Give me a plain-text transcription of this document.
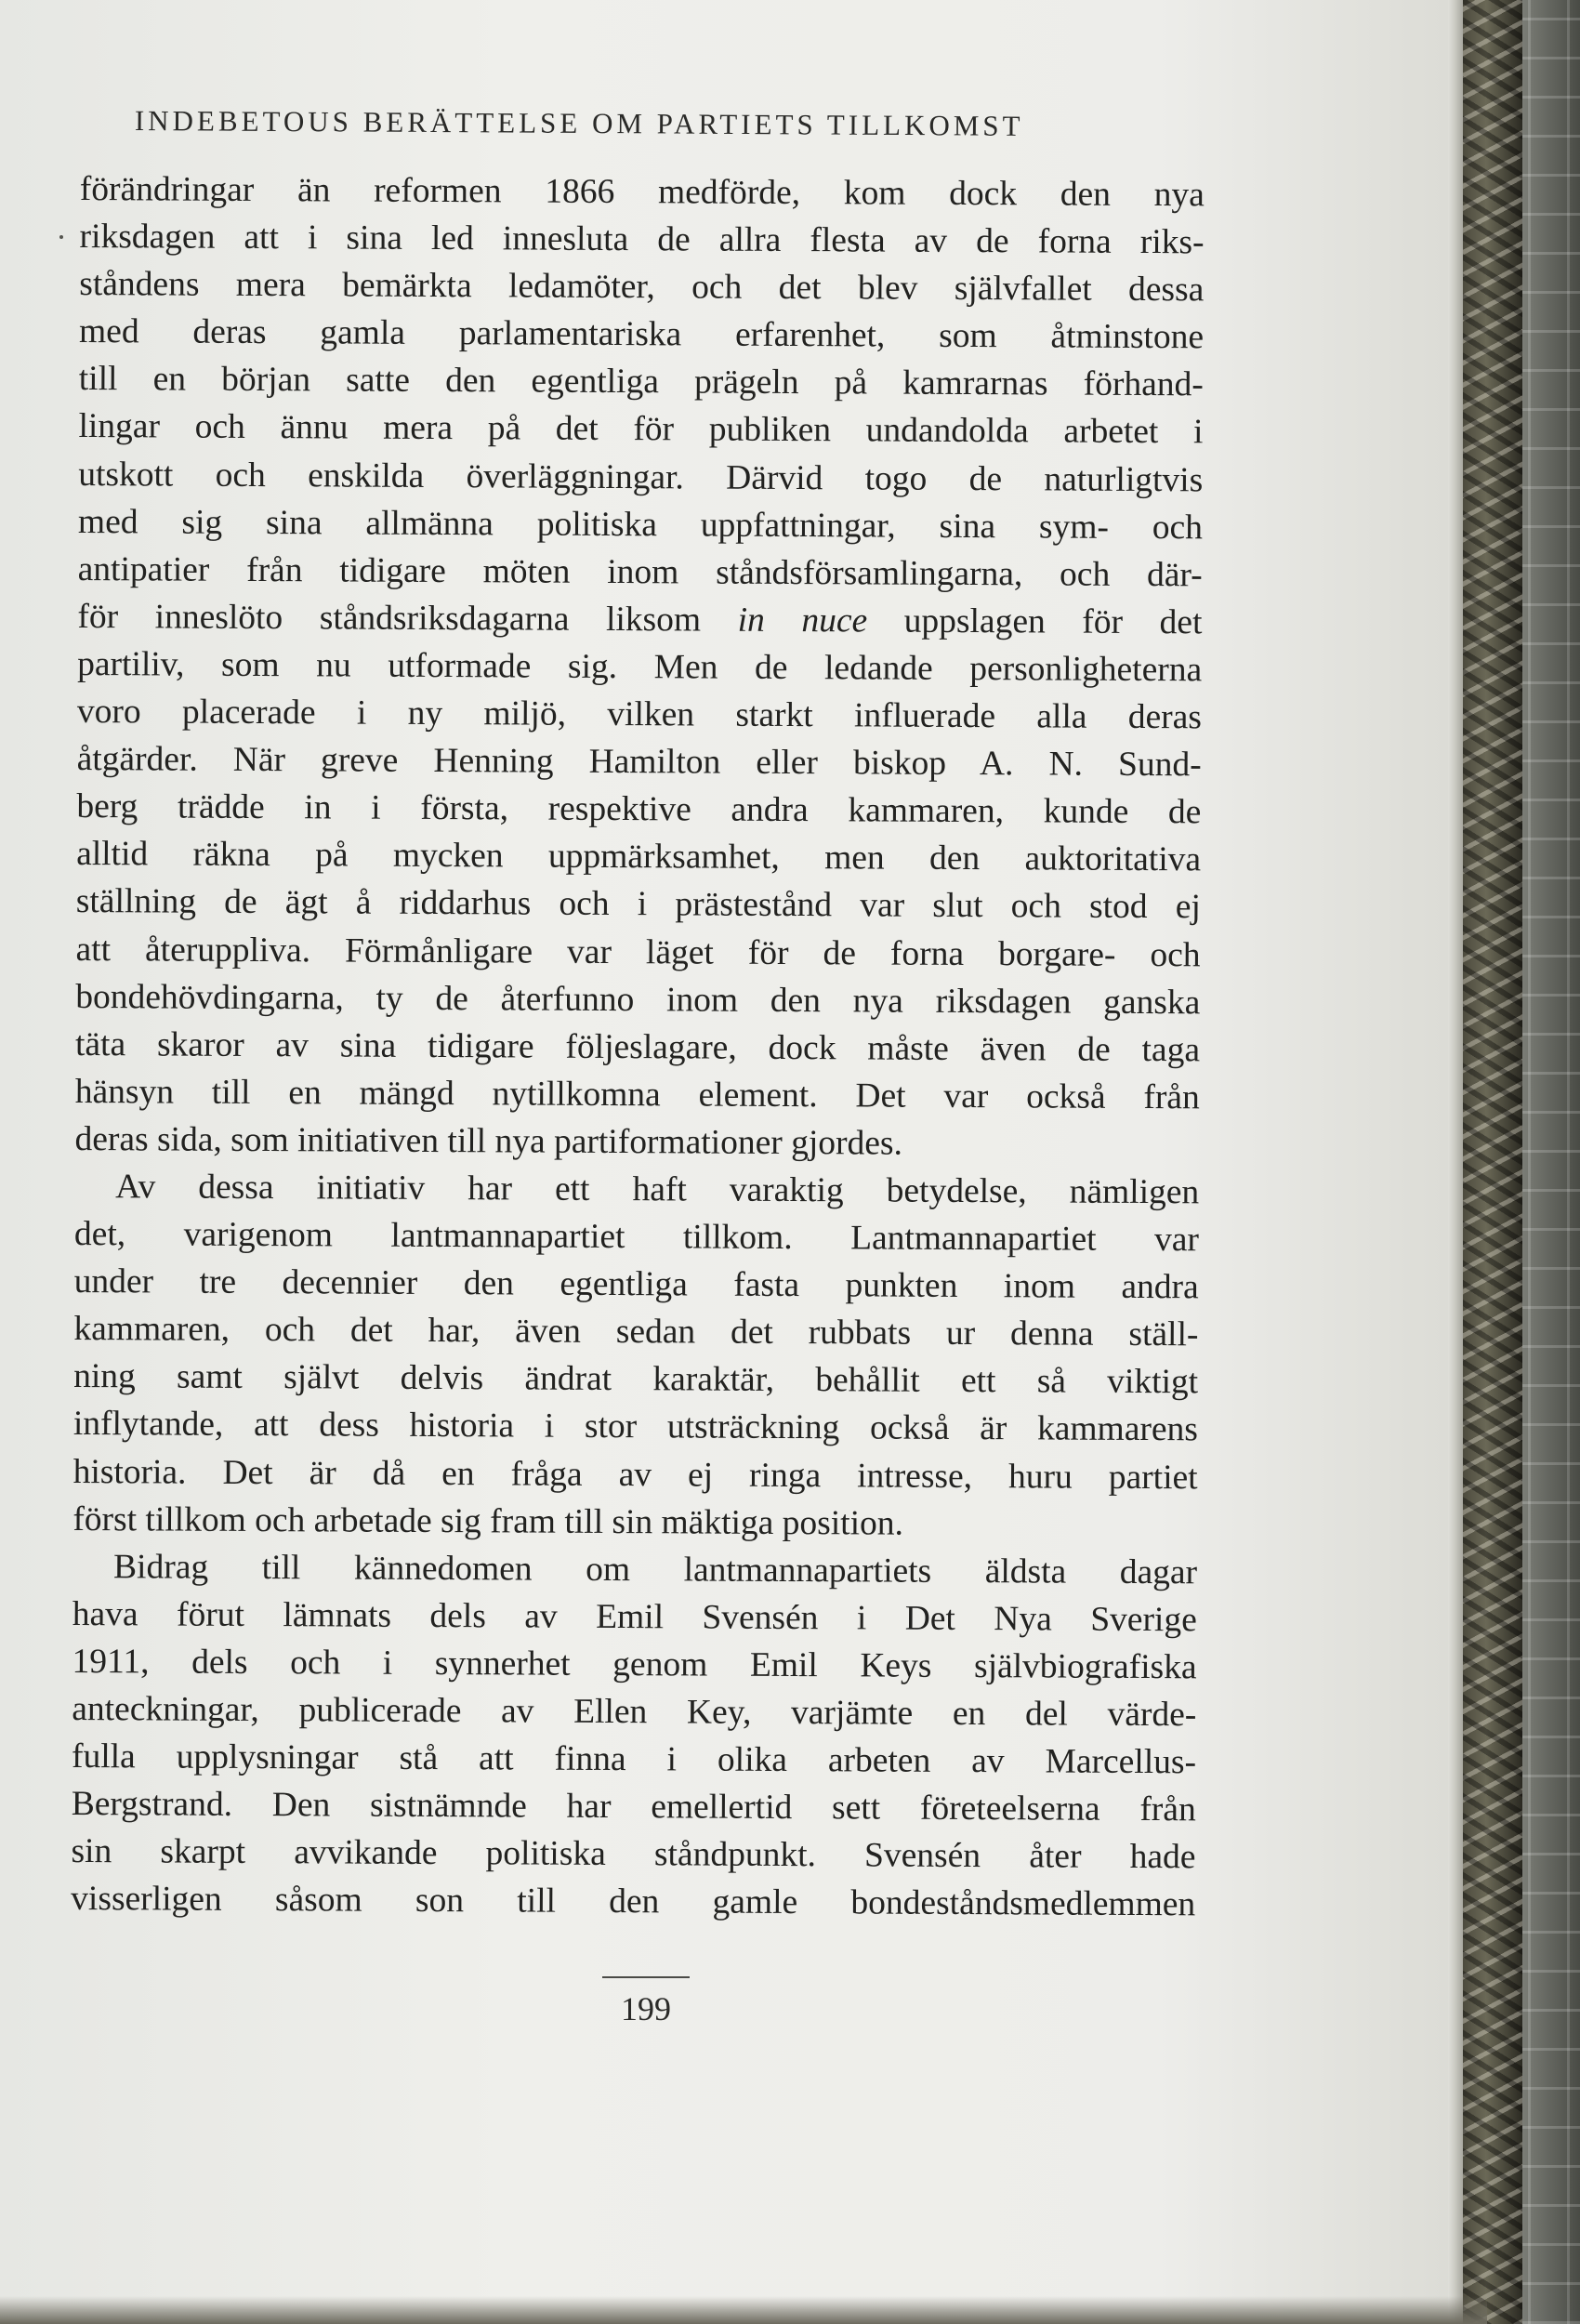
INDEBETOUS BERÄTTELSE OM PARTIETS TILLKOMST
förändringar än reformen 1866 medförde, kom dock den nya
riksdagen att i sina led innesluta de allra flesta av de forna riks-
ståndens mera bemärkta ledamöter, och det blev självfallet dessa
med deras gamla parlamentariska erfarenhet, som åtminstone
till en början satte den egentliga prägeln på kamrarnas förhand-
lingar och ännu mera på det för publiken undandolda arbetet i
utskott och enskilda överläggningar. Därvid togo de naturligtvis
med sig sina allmänna politiska uppfattningar, sina sym- och
antipatier från tidigare möten inom ståndsförsamlingarna, och där-
för inneslöto ståndsriksdagarna liksom in nuce uppslagen för det
partiliv, som nu utformade sig. Men de ledande personligheterna
voro placerade i ny miljö, vilken starkt influerade alla deras
åtgärder. När greve Henning Hamilton eller biskop A. N. Sund-
berg trädde in i första, respektive andra kammaren, kunde de
alltid räkna på mycken uppmärksamhet, men den auktoritativa
ställning de ägt å riddarhus och i prästestånd var slut och stod ej
att återuppliva. Förmånligare var läget för de forna borgare- och
bondehövdingarna, ty de återfunno inom den nya riksdagen ganska
täta skaror av sina tidigare följeslagare, dock måste även de taga
hänsyn till en mängd nytillkomna element. Det var också från
deras sida, som initiativen till nya partiformationer gjordes.
Av dessa initiativ har ett haft varaktig betydelse, nämligen
det, varigenom lantmannapartiet tillkom. Lantmannapartiet var
under tre decennier den egentliga fasta punkten inom andra
kammaren, och det har, även sedan det rubbats ur denna ställ-
ning samt självt delvis ändrat karaktär, behållit ett så viktigt
inflytande, att dess historia i stor utsträckning också är kammarens
historia. Det är då en fråga av ej ringa intresse, huru partiet
först tillkom och arbetade sig fram till sin mäktiga position.
Bidrag till kännedomen om lantmannapartiets äldsta dagar
hava förut lämnats dels av Emil Svensén i Det Nya Sverige
1911, dels och i synnerhet genom Emil Keys självbiografiska
anteckningar, publicerade av Ellen Key, varjämte en del värde-
fulla upplysningar stå att finna i olika arbeten av Marcellus-
Bergstrand. Den sistnämnde har emellertid sett företeelserna från
sin skarpt avvikande politiska ståndpunkt. Svensén åter hade
visserligen såsom son till den gamle bondeståndsmedlemmen
199
